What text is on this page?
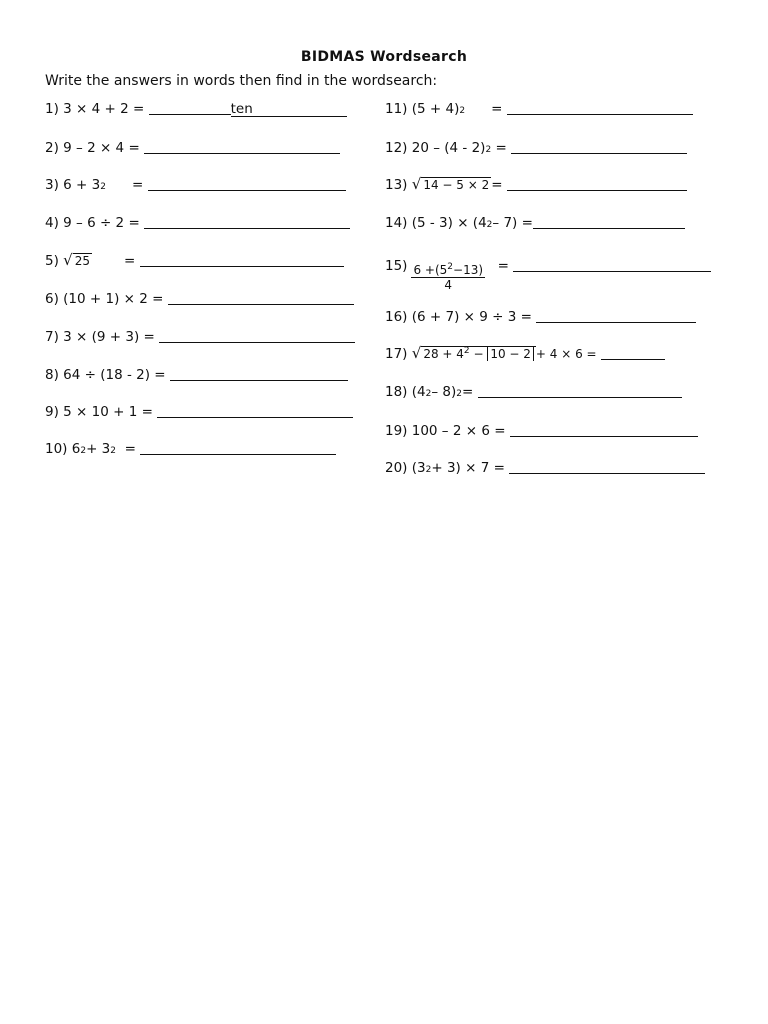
BIDMAS Wordsearch
Write the answers in words then find in the wordsearch:
1)
3 × 4 + 2 =
	ten
2)
9 – 2 × 4 =

3)
6 + 3 2 =

4)
9 – 6 ÷ 2 =

5)
√ 25	=

6)
(10 + 1) × 2 =

7)
3 × (9 + 3) =

8)
64 ÷ (18 - 2) =

9)
5 × 10 + 1 =

10)
6 2 + 3 2
=

11)
(5 + 4) 2 =

12)
20 – (4 - 2) 2
=

13)
√ 14 − 5 × 2 =

14)
(5 - 3) × (4 2 – 7) =
$15) \frac{6 +(5^2-13)}{4}$
=

16)
(6 + 7) × 9 ÷ 3 =

17)
√ $28 + 4^2 - 10 - 2 + 4 \times 6$ =

18)
(4 2 – 8) 2 =

19)
100 – 2 × 6 =

20)
(3 2 + 3) × 7 =
